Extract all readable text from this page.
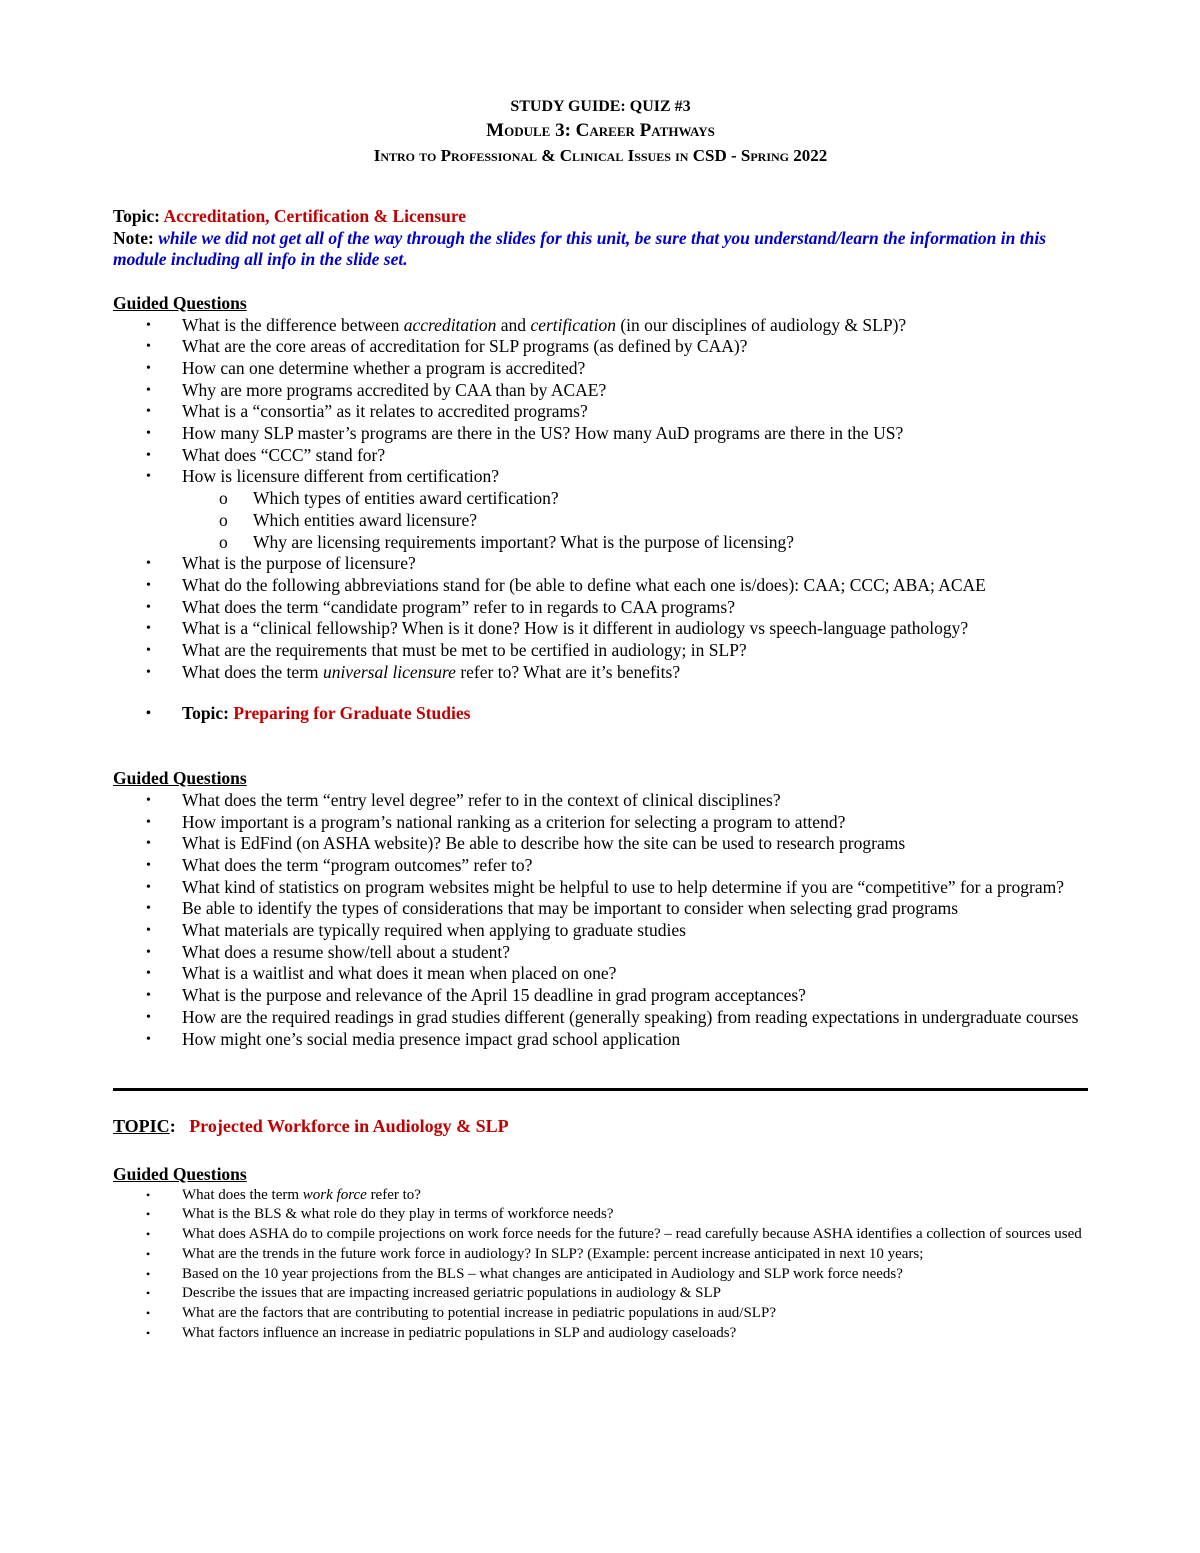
STUDY GUIDE: QUIZ #3

Module 3: Career Pathways

Intro to Professional & Clinical Issues in CSD - Spring 2022

Topic: Accreditation, Certification & Licensure
Note: while we did not get all of the way through the slides for this unit, be sure that you understand/learn the information in this module including all info in the slide set.
Guided Questions
• What is the difference between accreditation and certification (in our disciplines of audiology & SLP)?
• What are the core areas of accreditation for SLP programs (as defined by CAA)?
• How can one determine whether a program is accredited?
• Why are more programs accredited by CAA than by ACAE?
• What is a “consortia” as it relates to accredited programs?
• How many SLP master’s programs are there in the US? How many AuD programs are there in the US?
• What does “CCC” stand for?
• How is licensure different from certification?
o Which types of entities award certification?
o Which entities award licensure?
o Why are licensing requirements important? What is the purpose of licensing?
• What is the purpose of licensure?
• What do the following abbreviations stand for (be able to define what each one is/does): CAA; CCC; ABA; ACAE
• What does the term “candidate program” refer to in regards to CAA programs?
• What is a “clinical fellowship? When is it done? How is it different in audiology vs speech-language pathology?
• What are the requirements that must be met to be certified in audiology; in SLP?
• What does the term universal licensure refer to? What are it’s benefits?
• Topic: Preparing for Graduate Studies
Guided Questions
• What does the term “entry level degree” refer to in the context of clinical disciplines?
• How important is a program’s national ranking as a criterion for selecting a program to attend?
• What is EdFind (on ASHA website)? Be able to describe how the site can be used to research programs
• What does the term “program outcomes” refer to?
• What kind of statistics on program websites might be helpful to use to help determine if you are “competitive” for a program?
• Be able to identify the types of considerations that may be important to consider when selecting grad programs
• What materials are typically required when applying to graduate studies
• What does a resume show/tell about a student?
• What is a waitlist and what does it mean when placed on one?
• What is the purpose and relevance of the April 15 deadline in grad program acceptances?
• How are the required readings in grad studies different (generally speaking) from reading expectations in undergraduate courses
• How might one’s social media presence impact grad school application
TOPIC: Projected Workforce in Audiology & SLP
Guided Questions
• What does the term work force refer to?
• What is the BLS & what role do they play in terms of workforce needs?
• What does ASHA do to compile projections on work force needs for the future? – read carefully because ASHA identifies a collection of sources used
• What are the trends in the future work force in audiology? In SLP? (Example: percent increase anticipated in next 10 years;
• Based on the 10 year projections from the BLS – what changes are anticipated in Audiology and SLP work force needs?
• Describe the issues that are impacting increased geriatric populations in audiology & SLP
• What are the factors that are contributing to potential increase in pediatric populations in aud/SLP?
• What factors influence an increase in pediatric populations in SLP and audiology caseloads?
